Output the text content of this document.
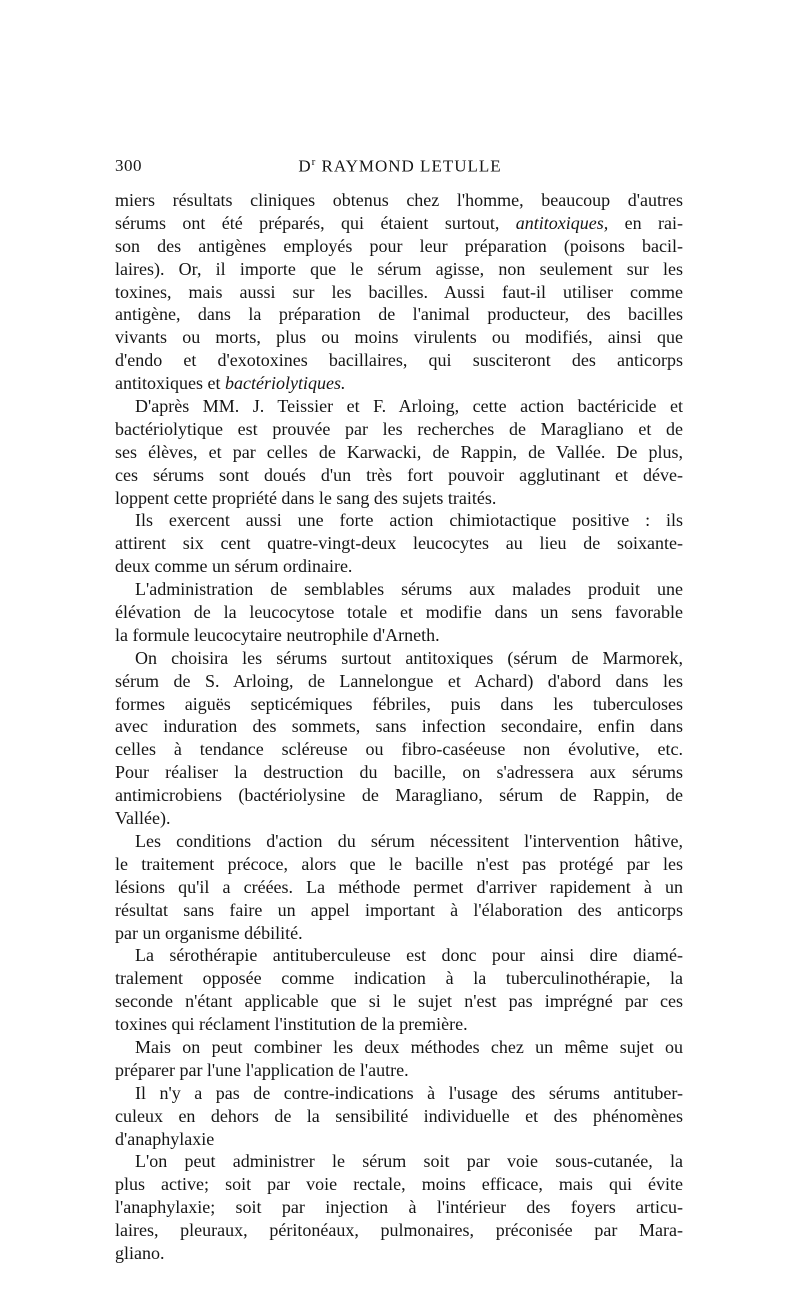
300	$D^r$ RAYMOND LETULLE
miers résultats cliniques obtenus chez l'homme, beaucoup d'autres
sérums ont été préparés, qui étaient surtout, antitoxiques, en rai-
son des antigènes employés pour leur préparation (poisons bacil-
laires). Or, il importe que le sérum agisse, non seulement sur les
toxines, mais aussi sur les bacilles. Aussi faut-il utiliser comme
antigène, dans la préparation de l'animal producteur, des bacilles
vivants ou morts, plus ou moins virulents ou modifiés, ainsi que
d'endo et d'exotoxines bacillaires, qui susciteront des anticorps
antitoxiques et bactériolytiques.
D'après MM. J. Teissier et F. Arloing, cette action bactéricide et
bactériolytique est prouvée par les recherches de Maragliano et de
ses élèves, et par celles de Karwacki, de Rappin, de Vallée. De plus,
ces sérums sont doués d'un très fort pouvoir agglutinant et déve-
loppent cette propriété dans le sang des sujets traités.
Ils exercent aussi une forte action chimiotactique positive : ils
attirent six cent quatre-vingt-deux leucocytes au lieu de soixante-
deux comme un sérum ordinaire.
L'administration de semblables sérums aux malades produit une
élévation de la leucocytose totale et modifie dans un sens favorable
la formule leucocytaire neutrophile d'Arneth.
On choisira les sérums surtout antitoxiques (sérum de Marmorek,
sérum de S. Arloing, de Lannelongue et Achard) d'abord dans les
formes aiguës septicémiques fébriles, puis dans les tuberculoses
avec induration des sommets, sans infection secondaire, enfin dans
celles à tendance scléreuse ou fibro-caséeuse non évolutive, etc.
Pour réaliser la destruction du bacille, on s'adressera aux sérums
antimicrobiens (bactériolysine de Maragliano, sérum de Rappin, de
Vallée).
Les conditions d'action du sérum nécessitent l'intervention hâtive,
le traitement précoce, alors que le bacille n'est pas protégé par les
lésions qu'il a créées. La méthode permet d'arriver rapidement à un
résultat sans faire un appel important à l'élaboration des anticorps
par un organisme débilité.
La sérothérapie antituberculeuse est donc pour ainsi dire diamé-
tralement opposée comme indication à la tuberculinothérapie, la
seconde n'étant applicable que si le sujet n'est pas imprégné par ces
toxines qui réclament l'institution de la première.
Mais on peut combiner les deux méthodes chez un même sujet ou
préparer par l'une l'application de l'autre.
Il n'y a pas de contre-indications à l'usage des sérums antituber-
culeux en dehors de la sensibilité individuelle et des phénomènes
d'anaphylaxie
L'on peut administrer le sérum soit par voie sous-cutanée, la
plus active; soit par voie rectale, moins efficace, mais qui évite
l'anaphylaxie; soit par injection à l'intérieur des foyers articu-
laires, pleuraux, péritonéaux, pulmonaires, préconisée par Mara-
gliano.
